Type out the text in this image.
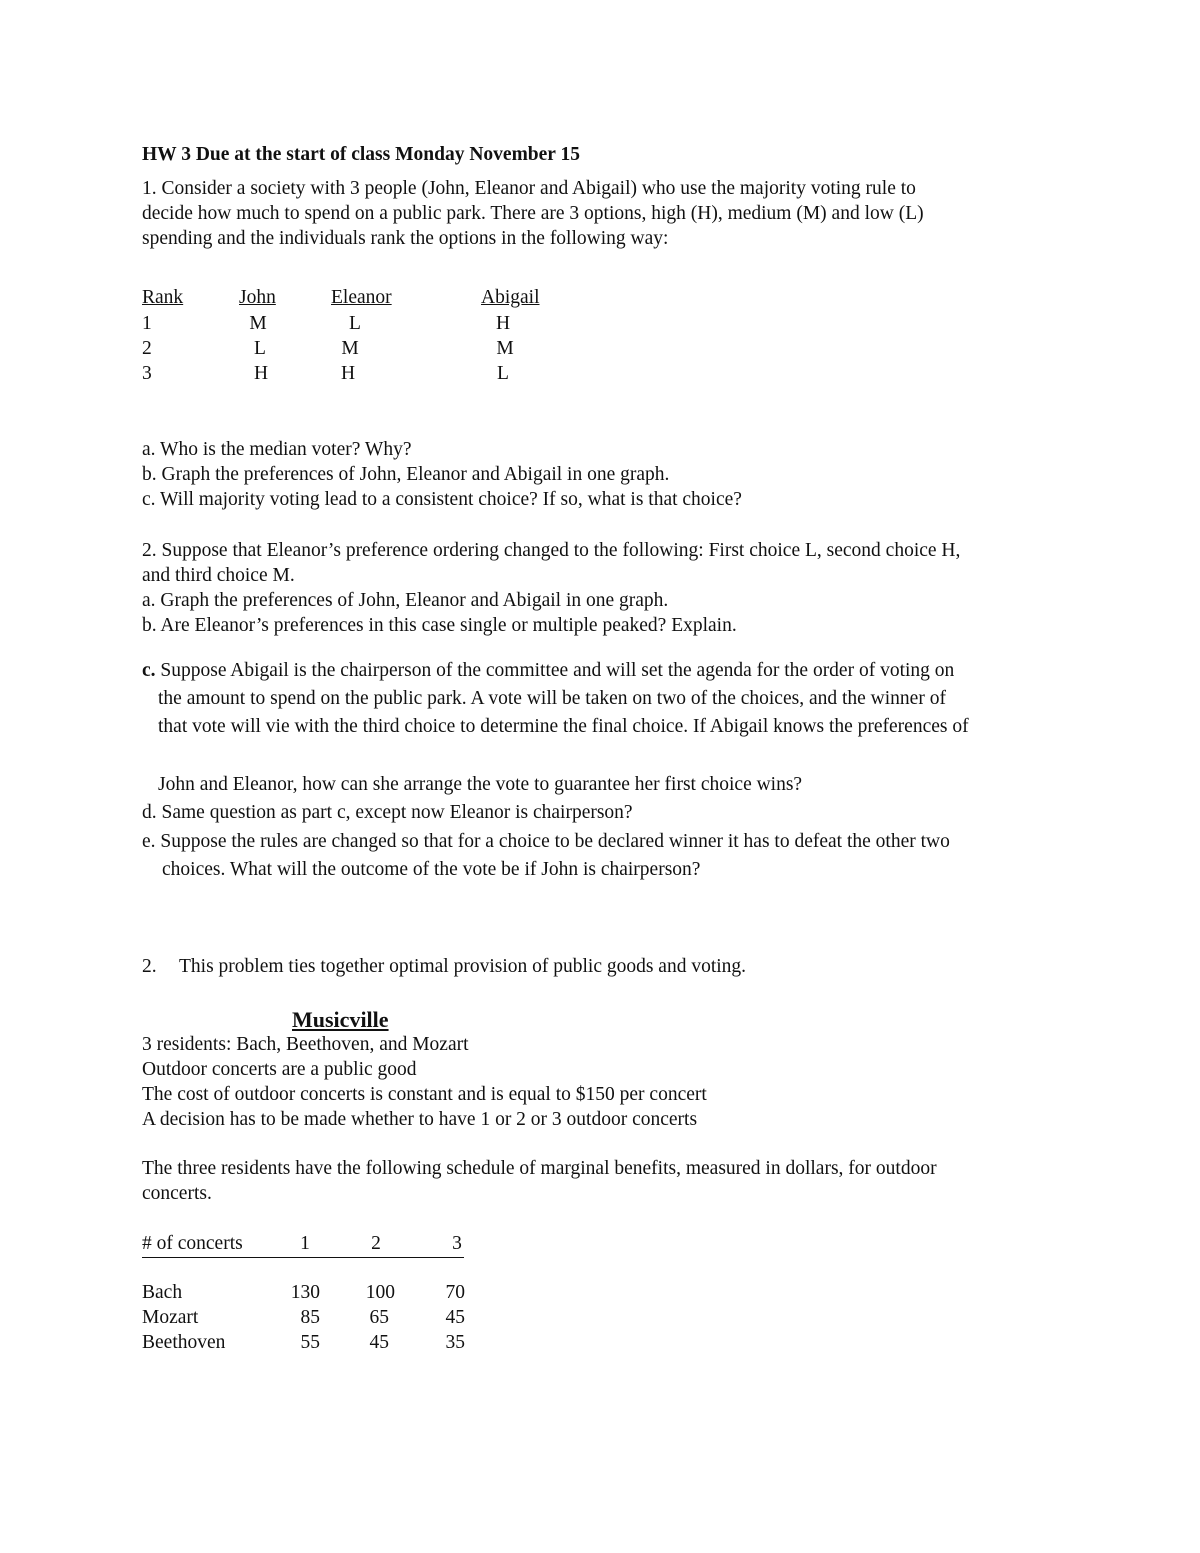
HW 3 Due at the start of class Monday November 15
1. Consider a society with 3 people (John, Eleanor and Abigail) who use the majority voting rule to
decide how much to spend on a public park. There are 3 options, high (H), medium (M) and low (L)
spending and the individuals rank the options in the following way:
Rank	John	Eleanor	Abigail
1	M	L	H
2	L	M	M
3	H	H	L
a. Who is the median voter? Why?
b. Graph the preferences of John, Eleanor and Abigail in one graph.
c. Will majority voting lead to a consistent choice? If so, what is that choice?
2. Suppose that Eleanor’s preference ordering changed to the following: First choice L, second choice H,
and third choice M.
a. Graph the preferences of John, Eleanor and Abigail in one graph.
b. Are Eleanor’s preferences in this case single or multiple peaked? Explain.
c. Suppose Abigail is the chairperson of the committee and will set the agenda for the order of voting on
the amount to spend on the public park. A vote will be taken on two of the choices, and the winner of
that vote will vie with the third choice to determine the final choice. If Abigail knows the preferences of
John and Eleanor, how can she arrange the vote to guarantee her first choice wins?
d. Same question as part c, except now Eleanor is chairperson?
e. Suppose the rules are changed so that for a choice to be declared winner it has to defeat the other two
choices. What will the outcome of the vote be if John is chairperson?
2. This problem ties together optimal provision of public goods and voting.
Musicville
3 residents: Bach, Beethoven, and Mozart
Outdoor concerts are a public good
The cost of outdoor concerts is constant and is equal to $150 per concert
A decision has to be made whether to have 1 or 2 or 3 outdoor concerts
The three residents have the following schedule of marginal benefits, measured in dollars, for outdoor
concerts.
# of concerts	1	2	3
Bach	130	100	70
Mozart	85	65	45
Beethoven	55	45	35
